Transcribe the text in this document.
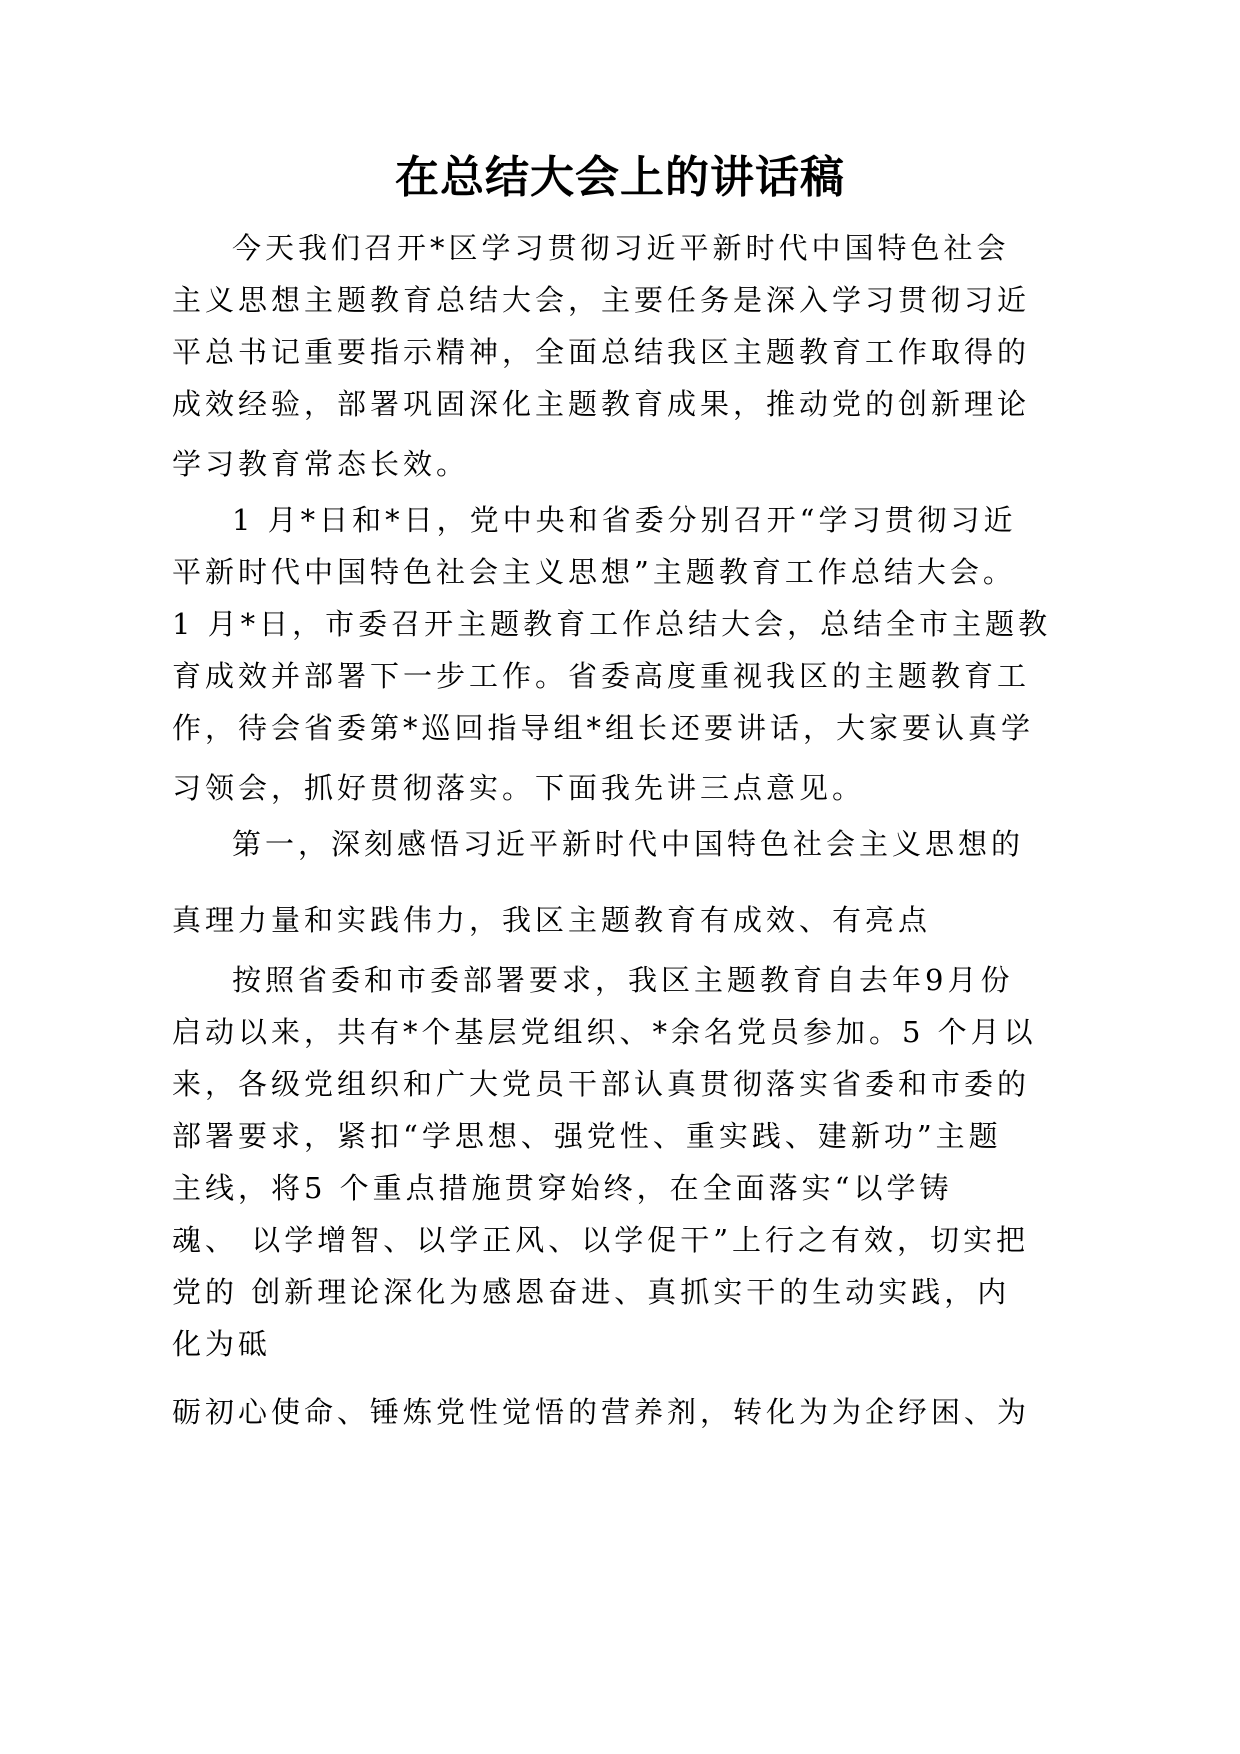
在总结大会上的讲话稿
今天我们召开*区学习贯彻习近平新时代中国特色社会
主义思想主题教育总结大会，主要任务是深入学习贯彻习近
平总书记重要指示精神，全面总结我区主题教育工作取得的
成效经验，部署巩固深化主题教育成果，推动党的创新理论
学习教育常态长效。
1 月*日和*日，党中央和省委分别召开“学习贯彻习近
平新时代中国特色社会主义思想”主题教育工作总结大会。
1 月*日，市委召开主题教育工作总结大会，总结全市主题教
育成效并部署下一步工作。省委高度重视我区的主题教育工
作，待会省委第*巡回指导组*组长还要讲话，大家要认真学
习领会，抓好贯彻落实。下面我先讲三点意见。
第一，深刻感悟习近平新时代中国特色社会主义思想的
真理力量和实践伟力，我区主题教育有成效、有亮点
按照省委和市委部署要求，我区主题教育自去年9月份
启动以来，共有*个基层党组织、*余名党员参加。5 个月以
来，各级党组织和广大党员干部认真贯彻落实省委和市委的
部署要求，紧扣“学思想、强党性、重实践、建新功”主题
主线，将5 个重点措施贯穿始终，在全面落实“以学铸
魂、 以学增智、以学正风、以学促干”上行之有效，切实把
党的 创新理论深化为感恩奋进、真抓实干的生动实践，内
化为砥
砺初心使命、锤炼党性觉悟的营养剂，转化为为企纾困、为
